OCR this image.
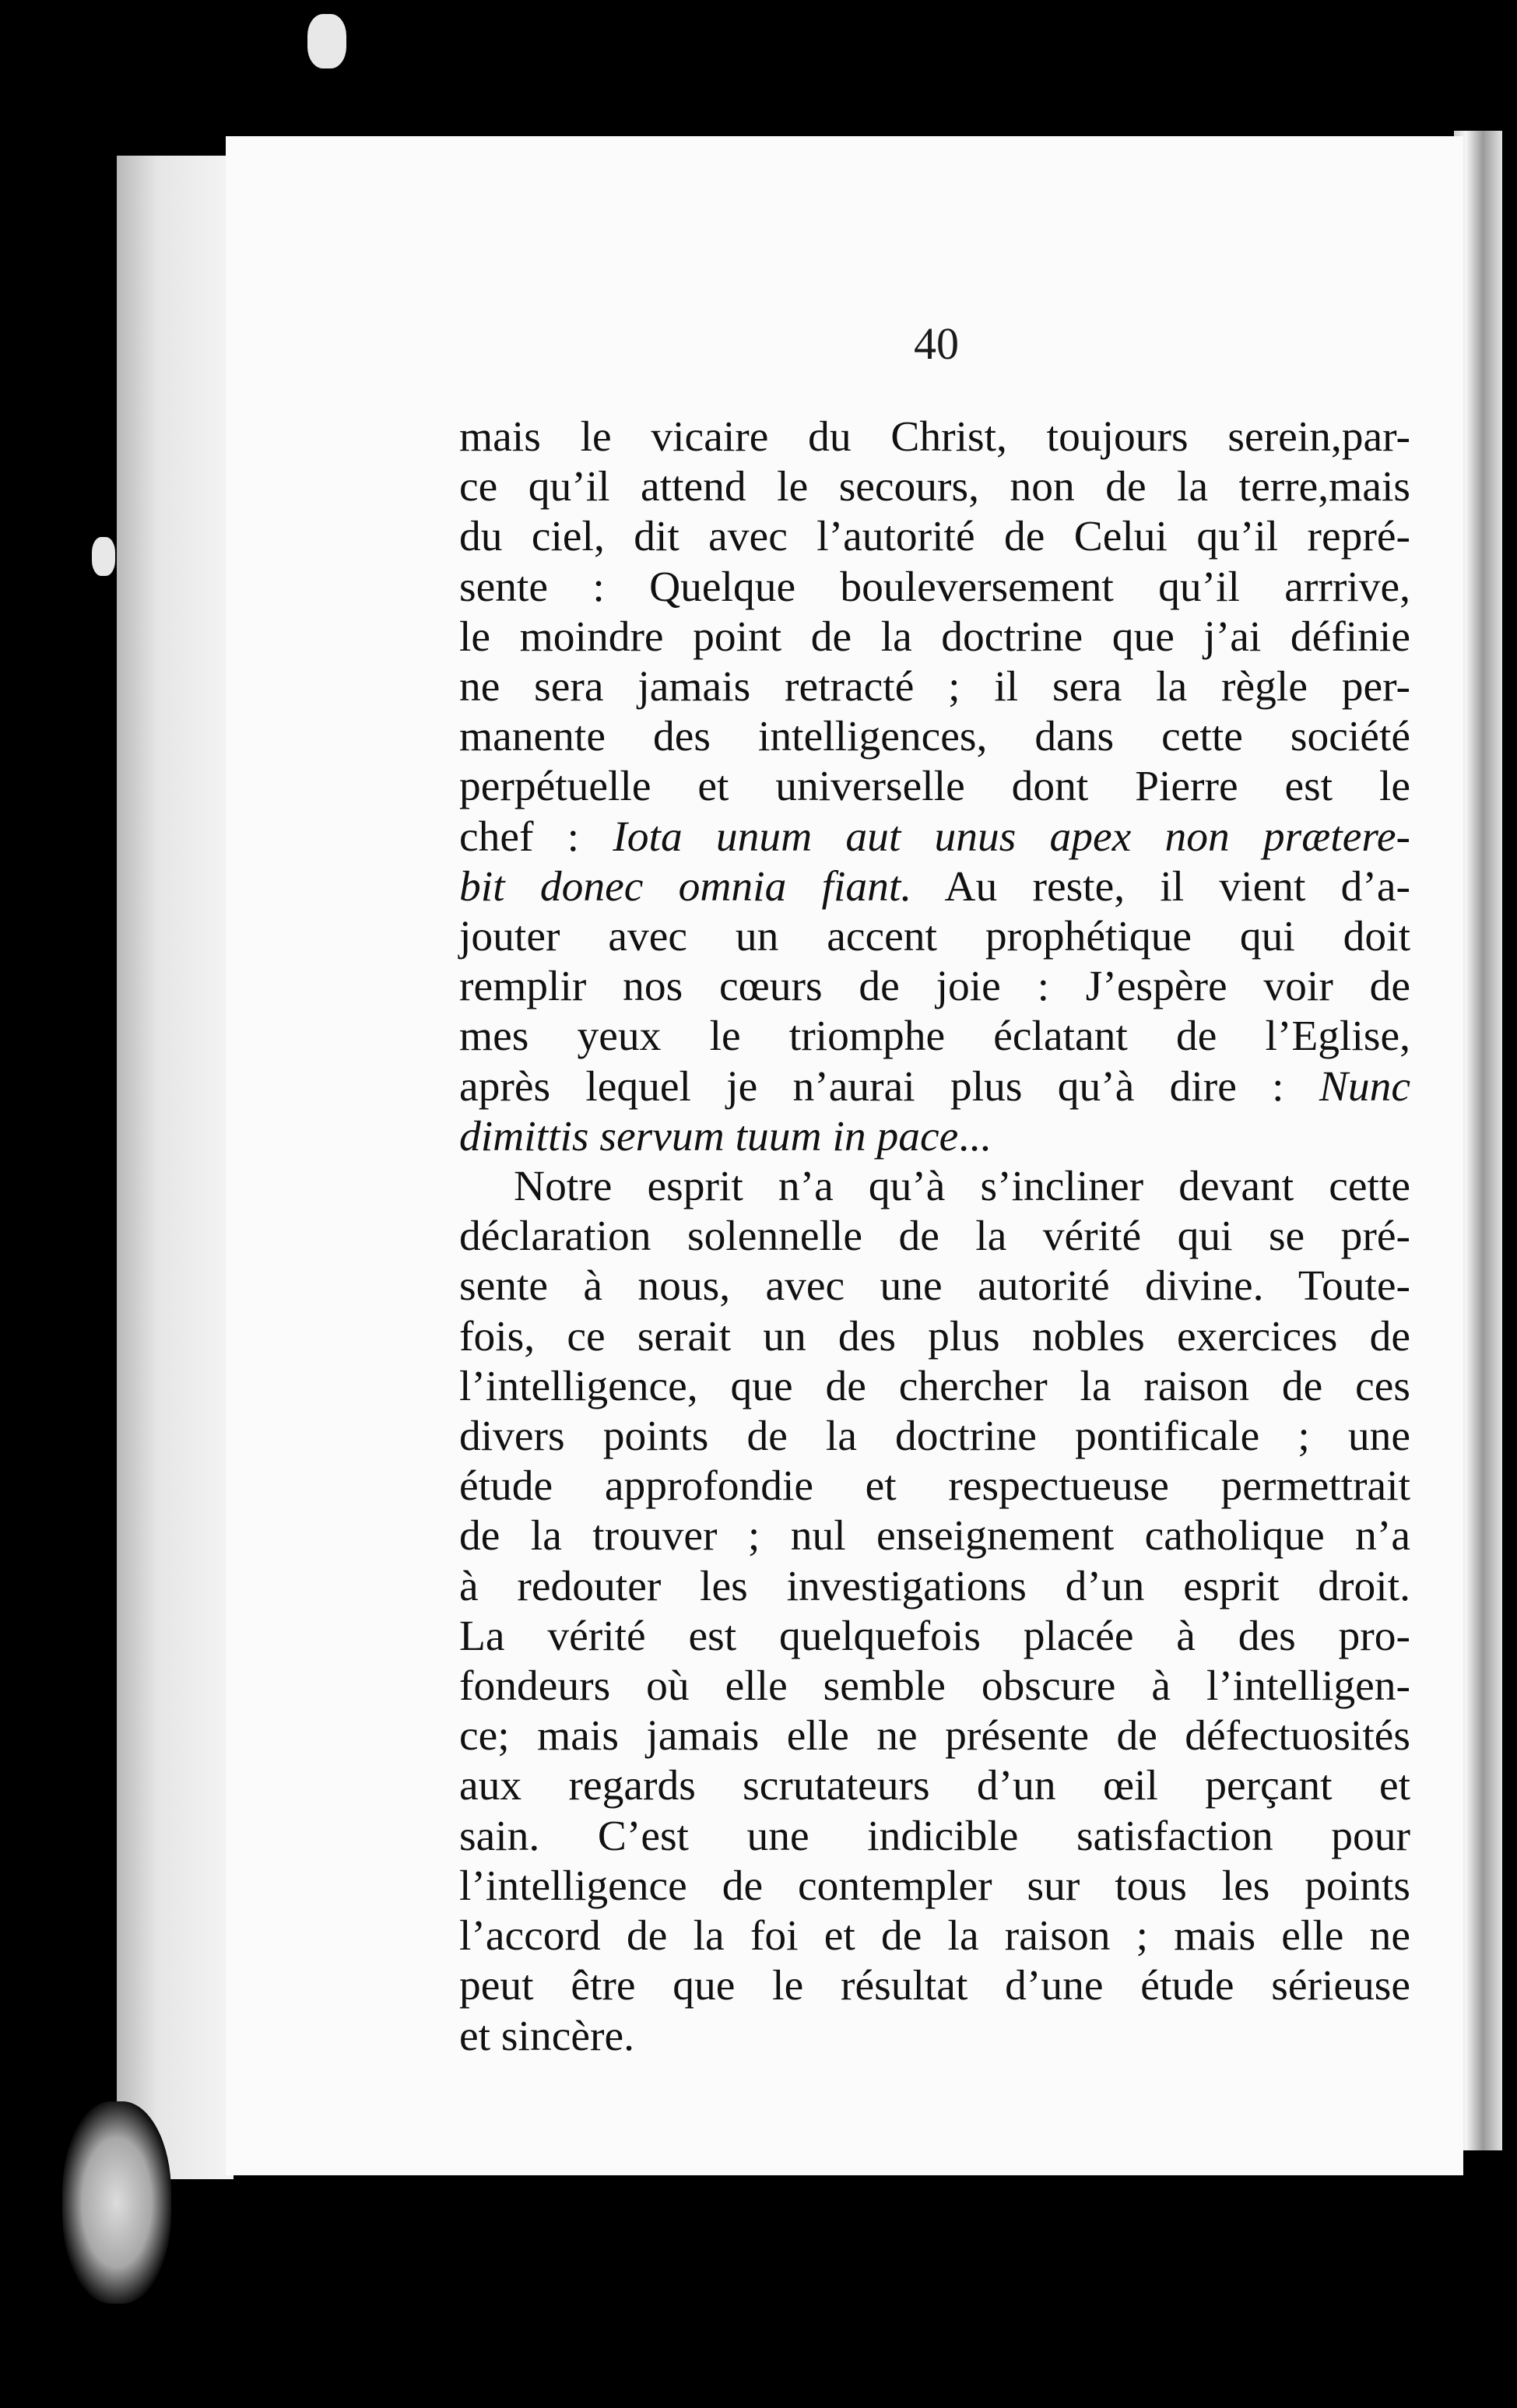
40

mais le vicaire du Christ, toujours serein,par-
ce qu’il attend le secours, non de la terre,mais
du ciel, dit avec l’autorité de Celui qu’il repré-
sente : Quelque bouleversement qu’il arrrive,
le moindre point de la doctrine que j’ai définie
ne sera jamais retracté ; il sera la règle per-
manente des intelligences, dans cette société
perpétuelle et universelle dont Pierre est le
chef : Iota unum aut unus apex non prætere-
bit donec omnia fiant. Au reste, il vient d’a-
jouter avec un accent prophétique qui doit
remplir nos cœurs de joie : J’espère voir de
mes yeux le triomphe éclatant de l’Eglise,
après lequel je n’aurai plus qu’à dire : Nunc
dimittis servum tuum in pace...

Notre esprit n’a qu’à s’incliner devant cette
déclaration solennelle de la vérité qui se pré-
sente à nous, avec une autorité divine. Toute-
fois, ce serait un des plus nobles exercices de
l’intelligence, que de chercher la raison de ces
divers points de la doctrine pontificale ; une
étude approfondie et respectueuse permettrait
de la trouver ; nul enseignement catholique n’a
à redouter les investigations d’un esprit droit.
La vérité est quelquefois placée à des pro-
fondeurs où elle semble obscure à l’intelligen-
ce; mais jamais elle ne présente de défectuosités
aux regards scrutateurs d’un œil perçant et
sain. C’est une indicible satisfaction pour
l’intelligence de contempler sur tous les points
l’accord de la foi et de la raison ; mais elle ne
peut être que le résultat d’une étude sérieuse
et sincère.
